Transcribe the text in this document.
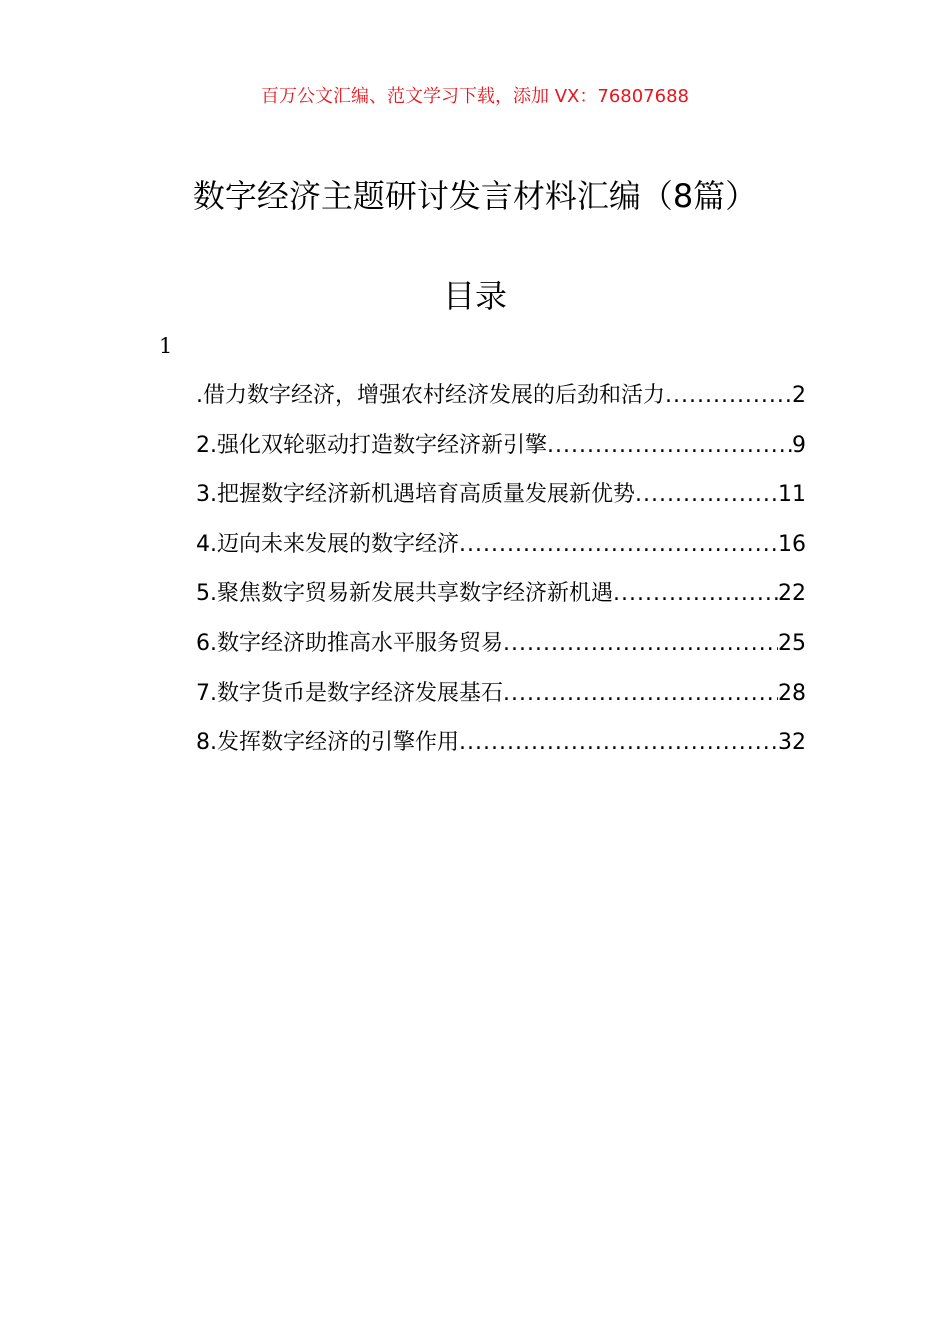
百万公文汇编、范文学习下载，添加 VX：76807688
数字经济主题研讨发言材料汇编（8篇）
目录
1
.借力数字经济，增强农村经济发展的后劲和活力 .....	2
2.强化双轮驱动打造数字经济新引擎 .....	9
3.把握数字经济新机遇培育高质量发展新优势 .....	11
4.迈向未来发展的数字经济 .....	16
5.聚焦数字贸易新发展共享数字经济新机遇 .....	22
6.数字经济助推高水平服务贸易 .....	25
7.数字货币是数字经济发展基石 .....	28
8.发挥数字经济的引擎作用 .....	32
